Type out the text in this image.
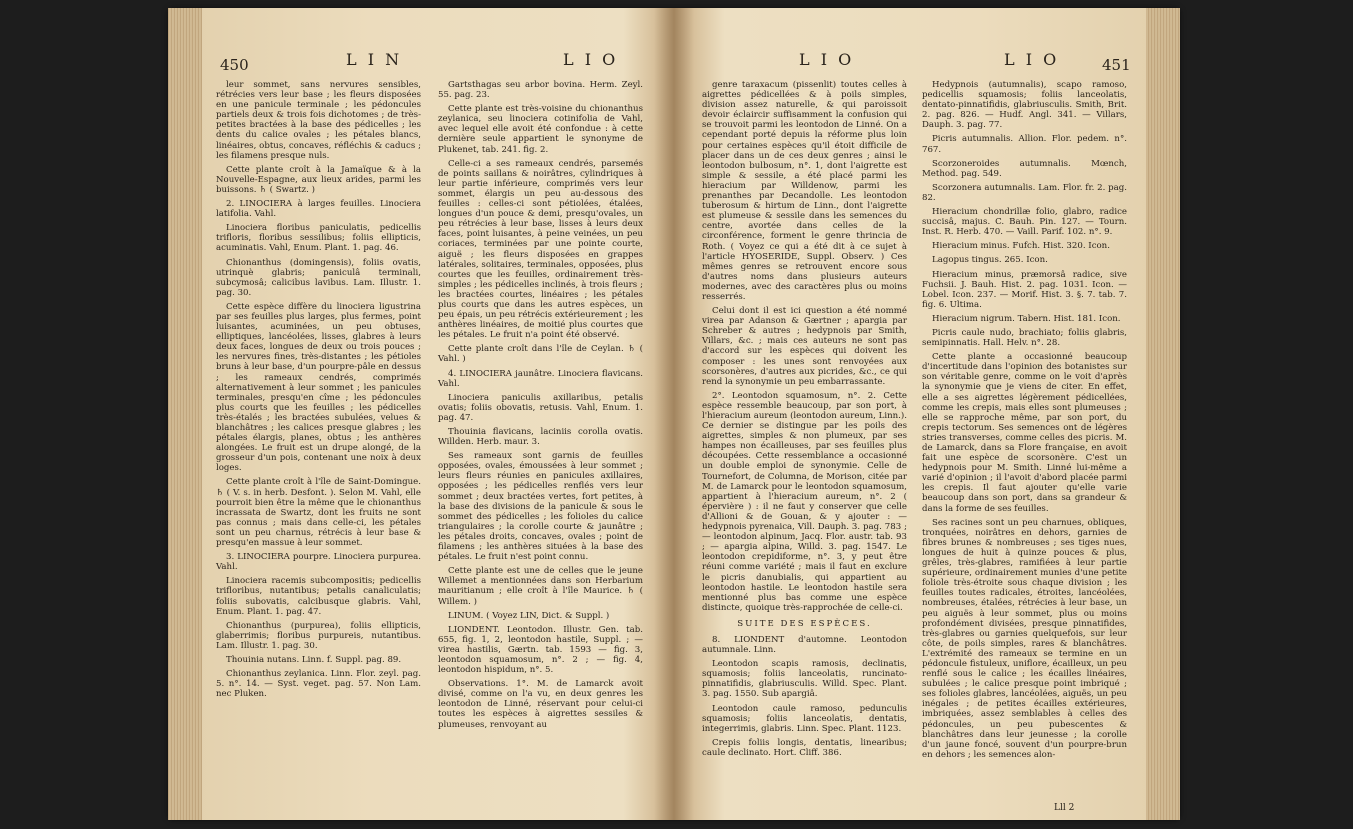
450	L I N	L I O

leur sommet, sans nervures sensibles, rétrécies vers leur base ; les fleurs disposées en une panicule terminale ; les pédoncules partiels deux & trois fois dichotomes ; de très-petites bractées à la base des pédicelles ; les dents du calice ovales ; les pétales blancs, linéaires, obtus, concaves, réfléchis & caducs ; les filamens presque nuls.

Cette plante croît à la Jamaïque & à la Nouvelle-Espagne, aux lieux arides, parmi les buissons. ♄ ( Swartz. )

2. LINOCIERA à larges feuilles. Linociera latifolia. Vahl.

Linociera floribus paniculatis, pedicellis trifloris, floribus sessilibus; foliis ellipticis, acuminatis. Vahl, Enum. Plant. 1. pag. 46.

Chionanthus (domingensis), foliis ovatis, utrinquè glabris; paniculâ terminali, subcymosâ; calicibus lavibus. Lam. Illustr. 1. pag. 30.

Cette espèce diffère du linociera ligustrina par ses feuilles plus larges, plus fermes, point luisantes, acuminées, un peu obtuses, elliptiques, lancéolées, lisses, glabres à leurs deux faces, longues de deux ou trois pouces ; les nervures fines, très-distantes ; les pétioles bruns à leur base, d'un pourpre-pâle en dessus ; les rameaux cendrés, comprimés alternativement à leur sommet ; les panicules terminales, presqu'en cîme ; les pédoncules plus courts que les feuilles ; les pédicelles très-étalés ; les bractées subulées, velues & blanchâtres ; les calices presque glabres ; les pétales élargis, planes, obtus ; les anthères alongées. Le fruit est un drupe alongé, de la grosseur d'un pois, contenant une noix à deux loges.

Cette plante croît à l'île de Saint-Domingue. ♄ ( V. s. in herb. Desfont. ). Selon M. Vahl, elle pourroit bien être la même que le chionanthus incrassata de Swartz, dont les fruits ne sont pas connus ; mais dans celle-ci, les pétales sont un peu charnus, rétrécis à leur base & presqu'en massue à leur sommet.

3. LINOCIERA pourpre. Linociera purpurea. Vahl.

Linociera racemis subcompositis; pedicellis trifloribus, nutantibus; petalis canaliculatis; foliis subovatis, calcibusque glabris. Vahl, Enum. Plant. 1. pag. 47.

Chionanthus (purpurea), foliis ellipticis, glaberrimis; floribus purpureis, nutantibus. Lam. Illustr. 1. pag. 30.

Thouinia nutans. Linn. f. Suppl. pag. 89.

Chionanthus zeylanica. Linn. Flor. zeyl. pag. 5. n°. 14. — Syst. veget. pag. 57. Non Lam. nec Pluken.

Gartsthagas seu arbor bovina. Herm. Zeyl. 55. pag. 23.

Cette plante est très-voisine du chionanthus zeylanica, seu linociera cotinifolia de Vahl, avec lequel elle avoit été confondue : à cette dernière seule appartient le synonyme de Plukenet, tab. 241. fig. 2.

Celle-ci a ses rameaux cendrés, parsemés de points saillans & noirâtres, cylindriques à leur partie inférieure, comprimés vers leur sommet, élargis un peu au-dessous des feuilles : celles-ci sont pétiolées, étalées, longues d'un pouce & demi, presqu'ovales, un peu rétrécies à leur base, lisses à leurs deux faces, point luisantes, à peine veinées, un peu coriaces, terminées par une pointe courte, aiguë ; les fleurs disposées en grappes latérales, solitaires, terminales, opposées, plus courtes que les feuilles, ordinairement très-simples ; les pédicelles inclinés, à trois fleurs ; les bractées courtes, linéaires ; les pétales plus courts que dans les autres espèces, un peu épais, un peu rétrécis extérieurement ; les anthères linéaires, de moitié plus courtes que les pétales. Le fruit n'a point été observé.

Cette plante croît dans l'île de Ceylan. ♄ ( Vahl. )

4. LINOCIERA jaunâtre. Linociera flavicans. Vahl.

Linociera paniculis axillaribus, petalis ovatis; foliis obovatis, retusis. Vahl, Enum. 1. pag. 47.

Thouinia flavicans, laciniis corolla ovatis. Willden. Herb. maur. 3.

Ses rameaux sont garnis de feuilles opposées, ovales, émoussées à leur sommet ; leurs fleurs réunies en panicules axillaires, opposées ; les pédicelles renflés vers leur sommet ; deux bractées vertes, fort petites, à la base des divisions de la panicule & sous le sommet des pédicelles ; les folioles du calice triangulaires ; la corolle courte & jaunâtre ; les pétales droits, concaves, ovales ; point de filamens ; les anthères situées à la base des pétales. Le fruit n'est point connu.

Cette plante est une de celles que le jeune Willemet a mentionnées dans son Herbarium mauritianum ; elle croît à l'île Maurice. ♄ ( Willem. )

LINUM. ( Voyez LIN, Dict. & Suppl. )

LIONDENT. Leontodon. Illustr. Gen. tab. 655, fig. 1, 2, leontodon hastile, Suppl. ; — virea hastilis, Gærtn. tab. 1593 — fig. 3, leontodon squamosum, n°. 2 ; — fig. 4, leontodon hispidum, n°. 5.

Observations. 1°. M. de Lamarck avoit divisé, comme on l'a vu, en deux genres les leontodon de Linné, réservant pour celui-ci toutes les espèces à aigrettes sessiles & plumeuses, renvoyant au

L I O	L I O	451

genre taraxacum (pissenlit) toutes celles à aigrettes pédicellées & à poils simples, division assez naturelle, & qui paroissoit devoir éclaircir suffisamment la confusion qui se trouvoit parmi les leontodon de Linné. On a cependant porté depuis la réforme plus loin pour certaines espèces qu'il étoit difficile de placer dans un de ces deux genres ; ainsi le leontodon bulbosum, n°. 1, dont l'aigrette est simple & sessile, a été placé parmi les hieracium par Willdenow, parmi les prenanthes par Decandolle. Les leontodon tuberosum & hirtum de Linn., dont l'aigrette est plumeuse & sessile dans les semences du centre, avortée dans celles de la circonférence, forment le genre thrincia de Roth. ( Voyez ce qui a été dit à ce sujet à l'article HYOSERIDE, Suppl. Observ. ) Ces mêmes genres se retrouvent encore sous d'autres noms dans plusieurs auteurs modernes, avec des caractères plus ou moins resserrés.

Celui dont il est ici question a été nommé virea par Adanson & Gærtner ; apargia par Schreber & autres ; hedypnois par Smith, Villars, &c. ; mais ces auteurs ne sont pas d'accord sur les espèces qui doivent les composer : les unes sont renvoyées aux scorsonères, d'autres aux picrides, &c., ce qui rend la synonymie un peu embarrassante.

2°. Leontodon squamosum, n°. 2. Cette espèce ressemble beaucoup, par son port, à l'hieracium aureum (leontodon aureum, Linn.). Ce dernier se distingue par les poils des aigrettes, simples & non plumeux, par ses hampes non écailleuses, par ses feuilles plus découpées. Cette ressemblance a occasionné un double emploi de synonymie. Celle de Tournefort, de Columna, de Morison, citée par M. de Lamarck pour le leontodon squamosum, appartient à l'hieracium aureum, n°. 2 ( épervière ) : il ne faut y conserver que celle d'Allioni & de Gouan, & y ajouter : — hedypnois pyrenaica, Vill. Dauph. 3. pag. 783 ; — leontodon alpinum, Jacq. Flor. austr. tab. 93 ; — apargia alpina, Willd. 3. pag. 1547. Le leontodon crepidiforme, n°. 3, y peut être réuni comme variété ; mais il faut en exclure le picris danubialis, qui appartient au leontodon hastile. Le leontodon hastile sera mentionné plus bas comme une espèce distincte, quoique très-rapprochée de celle-ci.

SUITE DES ESPÈCES.

8. LIONDENT d'automne. Leontodon autumnale. Linn.

Leontodon scapis ramosis, declinatis, squamosis; foliis lanceolatis, runcinato-pinnatifidis, glabriusculis. Willd. Spec. Plant. 3. pag. 1550. Sub apargiâ.

Leontodon caule ramoso, pedunculis squamosis; foliis lanceolatis, dentatis, integerrimis, glabris. Linn. Spec. Plant. 1123.

Crepis foliis longis, dentatis, linearibus; caule declinato. Hort. Cliff. 386.

Hedypnois (autumnalis), scapo ramoso, pedicellis squamosis; foliis lanceolatis, dentato-pinnatifidis, glabriusculis. Smith, Brit. 2. pag. 826. — Hudf. Angl. 341. — Villars, Dauph. 3. pag. 77.

Picris autumnalis. Allion. Flor. pedem. n°. 767.

Scorzoneroides autumnalis. Mœnch, Method. pag. 549.

Scorzonera autumnalis. Lam. Flor. fr. 2. pag. 82.

Hieracium chondrillæ folio, glabro, radice succisâ, majus. C. Bauh. Pin. 127. — Tourn. Inst. R. Herb. 470. — Vaill. Parif. 102. n°. 9.

Hieracium minus. Fufch. Hist. 320. Icon.

Lagopus tingus. 265. Icon.

Hieracium minus, præmorsâ radice, sive Fuchsii. J. Bauh. Hist. 2. pag. 1031. Icon. — Lobel. Icon. 237. — Morif. Hist. 3. §. 7. tab. 7. fig. 6. Ultima.

Hieracium nigrum. Tabern. Hist. 181. Icon.

Picris caule nudo, brachiato; foliis glabris, semipinnatis. Hall. Helv. n°. 28.

Cette plante a occasionné beaucoup d'incertitude dans l'opinion des botanistes sur son véritable genre, comme on le voit d'après la synonymie que je viens de citer. En effet, elle a ses aigrettes légèrement pédicellées, comme les crepis, mais elles sont plumeuses ; elle se rapproche même, par son port, du crepis tectorum. Ses semences ont de légères stries transverses, comme celles des picris. M. de Lamarck, dans sa Flore française, en avoit fait une espèce de scorsonère. C'est un hedypnois pour M. Smith. Linné lui-même a varié d'opinion ; il l'avoit d'abord placée parmi les crepis. Il faut ajouter qu'elle varie beaucoup dans son port, dans sa grandeur & dans la forme de ses feuilles.

Ses racines sont un peu charnues, obliques, tronquées, noirâtres en dehors, garnies de fibres brunes & nombreuses ; ses tiges nues, longues de huit à quinze pouces & plus, grêles, très-glabres, ramifiées à leur partie supérieure, ordinairement munies d'une petite foliole très-étroite sous chaque division ; les feuilles toutes radicales, étroites, lancéolées, nombreuses, étalées, rétrécies à leur base, un peu aiguës à leur sommet, plus ou moins profondément divisées, presque pinnatifides, très-glabres ou garnies quelquefois, sur leur côte, de poils simples, rares & blanchâtres. L'extrémité des rameaux se termine en un pédoncule fistuleux, uniflore, écailleux, un peu renflé sous le calice ; les écailles linéaires, subulées ; le calice presque point imbriqué ; ses folioles glabres, lancéolées, aiguës, un peu inégales ; de petites écailles extérieures, imbriquées, assez semblables à celles des pédoncules, un peu pubescentes & blanchâtres dans leur jeunesse ; la corolle d'un jaune foncé, souvent d'un pourpre-brun en dehors ; les semences alon-

Lll 2
